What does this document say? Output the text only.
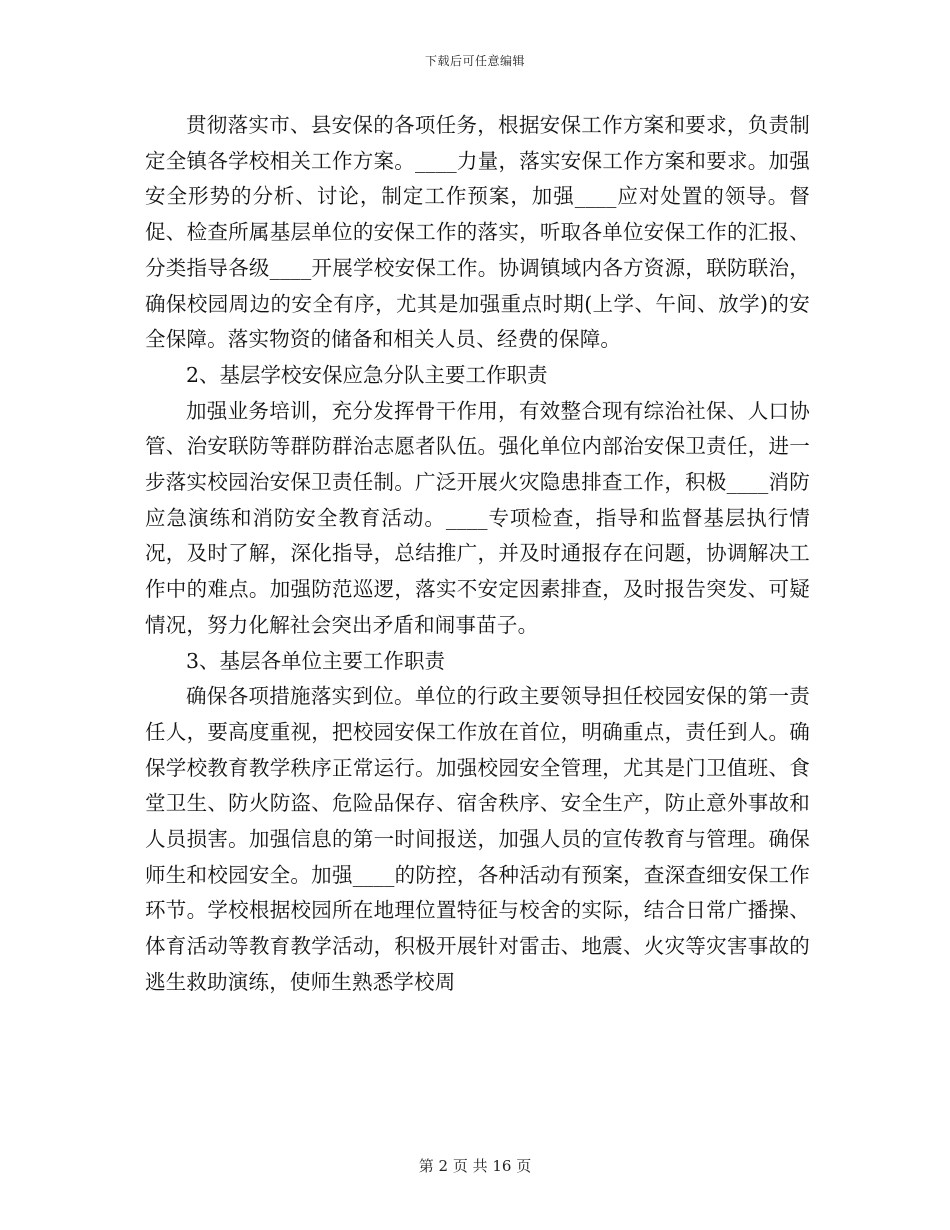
下载后可任意编辑

贯彻落实市、县安保的各项任务，根据安保工作方案和要求，负责制定全镇各学校相关工作方案。____力量，落实安保工作方案和要求。加强安全形势的分析、讨论，制定工作预案，加强____应对处置的领导。督促、检查所属基层单位的安保工作的落实，听取各单位安保工作的汇报、分类指导各级____开展学校安保工作。协调镇域内各方资源，联防联治，确保校园周边的安全有序，尤其是加强重点时期(上学、午间、放学)的安全保障。落实物资的储备和相关人员、经费的保障。

2、基层学校安保应急分队主要工作职责

加强业务培训，充分发挥骨干作用，有效整合现有综治社保、人口协管、治安联防等群防群治志愿者队伍。强化单位内部治安保卫责任，进一步落实校园治安保卫责任制。广泛开展火灾隐患排查工作，积极____消防应急演练和消防安全教育活动。____专项检查，指导和监督基层执行情况，及时了解，深化指导，总结推广，并及时通报存在问题，协调解决工作中的难点。加强防范巡逻，落实不安定因素排查，及时报告突发、可疑情况，努力化解社会突出矛盾和闹事苗子。

3、基层各单位主要工作职责

确保各项措施落实到位。单位的行政主要领导担任校园安保的第一责任人，要高度重视，把校园安保工作放在首位，明确重点，责任到人。确保学校教育教学秩序正常运行。加强校园安全管理，尤其是门卫值班、食堂卫生、防火防盗、危险品保存、宿舍秩序、安全生产，防止意外事故和人员损害。加强信息的第一时间报送，加强人员的宣传教育与管理。确保师生和校园安全。加强____的防控，各种活动有预案，查深查细安保工作环节。学校根据校园所在地理位置特征与校舍的实际，结合日常广播操、体育活动等教育教学活动，积极开展针对雷击、地震、火灾等灾害事故的逃生救助演练，使师生熟悉学校周

第 2 页 共 16 页
